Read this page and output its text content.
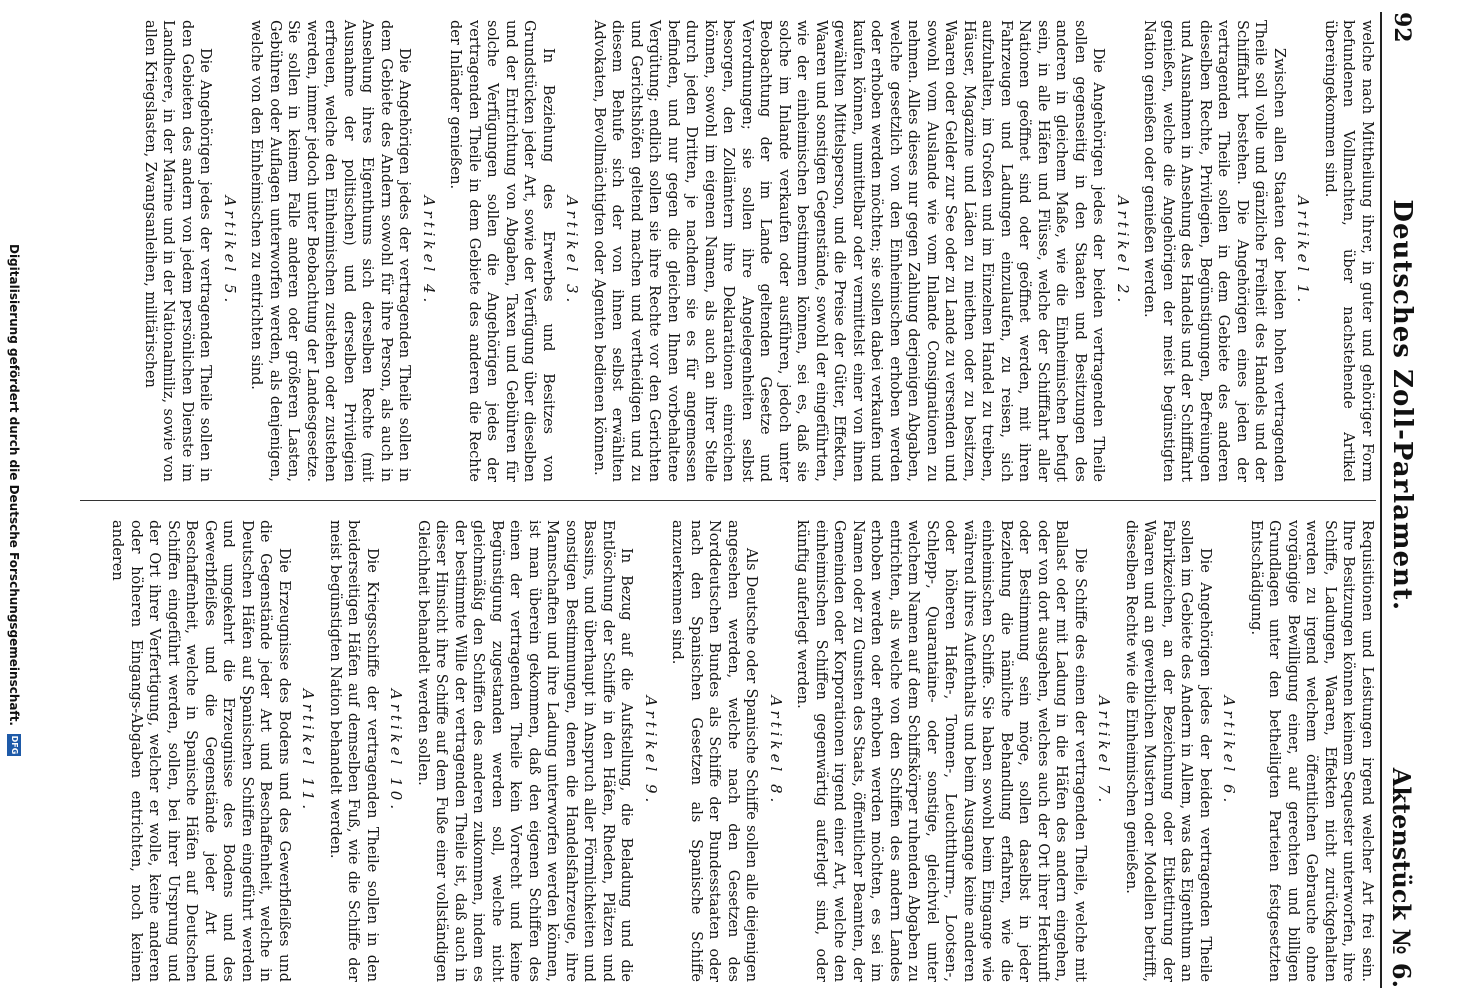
92
Deutsches Zoll-Parlament.
Aktenstück № 6.

welche nach Mittheilung ihrer, in guter und gehöriger Form befundenen Vollmachten, über nachstehende Artikel übereingekommen sind.

Artikel 1.

Zwischen allen Staaten der beiden hohen vertragenden Theile soll volle und gänzliche Freiheit des Handels und der Schifffahrt bestehen. Die Angehörigen eines jeden der vertragenden Theile sollen in dem Gebiete des anderen dieselben Rechte, Privilegien, Begünstigungen, Befreiungen und Ausnahmen in Ansehung des Handels und der Schifffahrt genießen, welche die Angehörigen der meist begünstigten Nation genießen oder genießen werden.

Artikel 2.

Die Angehörigen jedes der beiden vertragenden Theile sollen gegenseitig in den Staaten und Besitzungen des anderen in gleichem Maße, wie die Einheimischen befugt sein, in alle Häfen und Flüsse, welche der Schifffahrt aller Nationen geöffnet sind oder geöffnet werden, mit ihren Fahrzeugen und Ladungen einzulaufen, zu reisen, sich aufzuhalten, im Großen und im Einzelnen Handel zu treiben, Häuser, Magazine und Läden zu miethen oder zu besitzen, Waaren oder Gelder zur See oder zu Lande zu versenden und sowohl vom Auslande wie vom Inlande Consignationen zu nehmen. Alles dieses nur gegen Zahlung derjenigen Abgaben, welche gesetzlich von den Einheimischen erhoben werden oder erhoben werden möchten; sie sollen dabei verkaufen und kaufen können, unmittelbar oder vermittelst einer von ihnen gewählten Mittelsperson, und die Preise der Güter, Effekten, Waaren und sonstigen Gegenstände, sowohl der eingeführten, wie der einheimischen bestimmen können, sei es, daß sie solche im Inlande verkaufen oder ausführen, jedoch unter Beobachtung der im Lande geltenden Gesetze und Verordnungen; sie sollen ihre Angelegenheiten selbst besorgen, den Zollämtern ihre Deklarationen einreichen können, sowohl im eigenen Namen, als auch an ihrer Stelle durch jeden Dritten, je nachdem sie es für angemessen befinden, und nur gegen die gleichen Ihnen vorbehaltene Vergütung; endlich sollen sie ihre Rechte vor den Gerichten und Gerichtshöfen geltend machen und vertheidigen und zu diesem Behufe sich der von ihnen selbst erwählten Advokaten, Bevollmächtigten oder Agenten bedienen können.

Artikel 3.

In Beziehung des Erwerbes und Besitzes von Grundstücken jeder Art, sowie der Verfügung über dieselben und der Entrichtung von Abgaben, Taxen und Gebühren für solche Verfügungen sollen die Angehörigen jedes der vertragenden Theile in dem Gebiete des anderen die Rechte der Inländer genießen.

Artikel 4.

Die Angehörigen jedes der vertragenden Theile sollen in dem Gebiete des Andern sowohl für ihre Person, als auch in Ansehung ihres Eigenthums sich derselben Rechte (mit Ausnahme der politischen) und derselben Privilegien erfreuen, welche den Einheimischen zustehen oder zustehen werden, immer jedoch unter Beobachtung der Landesgesetze. Sie sollen in keinem Falle anderen oder größeren Lasten, Gebühren oder Auflagen unterworfen werden, als denjenigen, welche von den Einheimischen zu entrichten sind.

Artikel 5.

Die Angehörigen jedes der vertragenden Theile sollen in den Gebieten des andern von jedem persönlichen Dienste im Landheere, in der Marine und in der Nationalmiliz, sowie von allen Kriegslasten, Zwangsanleihen, militärischen

Requisitionen und Leistungen irgend welcher Art frei sein. Ihre Besitzungen können keinem Sequester unterworfen, ihre Schiffe, Ladungen, Waaren, Effekten nicht zurückgehalten werden zu irgend welchem öffentlichen Gebrauche ohne vorgängige Bewilligung einer, auf gerechten und billigen Grundlagen unter den betheiligten Parteien festgesetzten Entschädigung.

Artikel 6.

Die Angehörigen jedes der beiden vertragenden Theile sollen im Gebiete des Andern in Allem, was das Eigenthum an Fabrikzeichen, an der Bezeichnung oder Etikettirung der Waaren und an gewerblichen Mustern oder Modellen betrifft, dieselben Rechte wie die Einheimischen genießen.

Artikel 7.

Die Schiffe des einen der vertragenden Theile, welche mit Ballast oder mit Ladung in die Häfen des andern eingehen, oder von dort ausgehen, welches auch der Ort ihrer Herkunft oder Bestimmung sein möge, sollen daselbst in jeder Beziehung die nämliche Behandlung erfahren, wie die einheimischen Schiffe. Sie haben sowohl beim Eingange wie während ihres Aufenthalts und beim Ausgange keine anderen oder höheren Hafen-, Tonnen-, Leuchtthurm-, Lootsen-, Schlepp-, Quarantaine- oder sonstige, gleichviel unter welchem Namen auf dem Schiffskörper ruhenden Abgaben zu entrichten, als welche von den Schiffen des andern Landes erhoben werden oder erhoben werden möchten, es sei im Namen oder zu Gunsten des Staats, öffentlicher Beamten, der Gemeinden oder Korporationen irgend einer Art, welche den einheimischen Schiffen gegenwärtig auferlegt sind, oder künftig auferlegt werden.

Artikel 8.

Als Deutsche oder Spanische Schiffe sollen alle diejenigen angesehen werden, welche nach den Gesetzen des Norddeutschen Bundes als Schiffe der Bundesstaaten oder nach den Spanischen Gesetzen als Spanische Schiffe anzuerkennen sind.

Artikel 9.

In Bezug auf die Aufstellung, die Beladung und die Entlöschung der Schiffe in den Häfen, Rheden, Plätzen und Bassins, und überhaupt in Anspruch aller Förmlichkeiten und sonstigen Bestimmungen, denen die Handelsfahrzeuge, ihre Mannschaften und ihre Ladung unterworfen werden können, ist man überein gekommen, daß den eigenen Schiffen des einen der vertragenden Theile kein Vorrecht und keine Begünstigung zugestanden werden soll, welche nicht gleichmäßig den Schiffen des anderen zukommen, indem es der bestimmte Wille der vertragenden Theile ist, daß auch in dieser Hinsicht ihre Schiffe auf dem Fuße einer vollständigen Gleichheit behandelt werden sollen.

Artikel 10.

Die Kriegsschiffe der vertragenden Theile sollen in den beiderseitigen Häfen auf demselben Fuß, wie die Schiffe der meist begünstigten Nation behandelt werden.

Artikel 11.

Die Erzeugnisse des Bodens und des Gewerbfleißes und die Gegenstände jeder Art und Beschaffenheit, welche in Deutschen Häfen auf Spanischen Schiffen eingeführt werden und umgekehrt die Erzeugnisse des Bodens und des Gewerbfleißes und die Gegenstände jeder Art und Beschaffenheit, welche in Spanische Häfen auf Deutschen Schiffen eingeführt werden, sollen, bei ihrer Ursprung und der Ort ihrer Verfertigung, welcher er wolle, keine anderen oder höheren Eingangs-Abgaben entrichten, noch keinen anderen

Digitalisierung gefördert durch die Deutsche Forschungsgemeinschaft.
DFG
